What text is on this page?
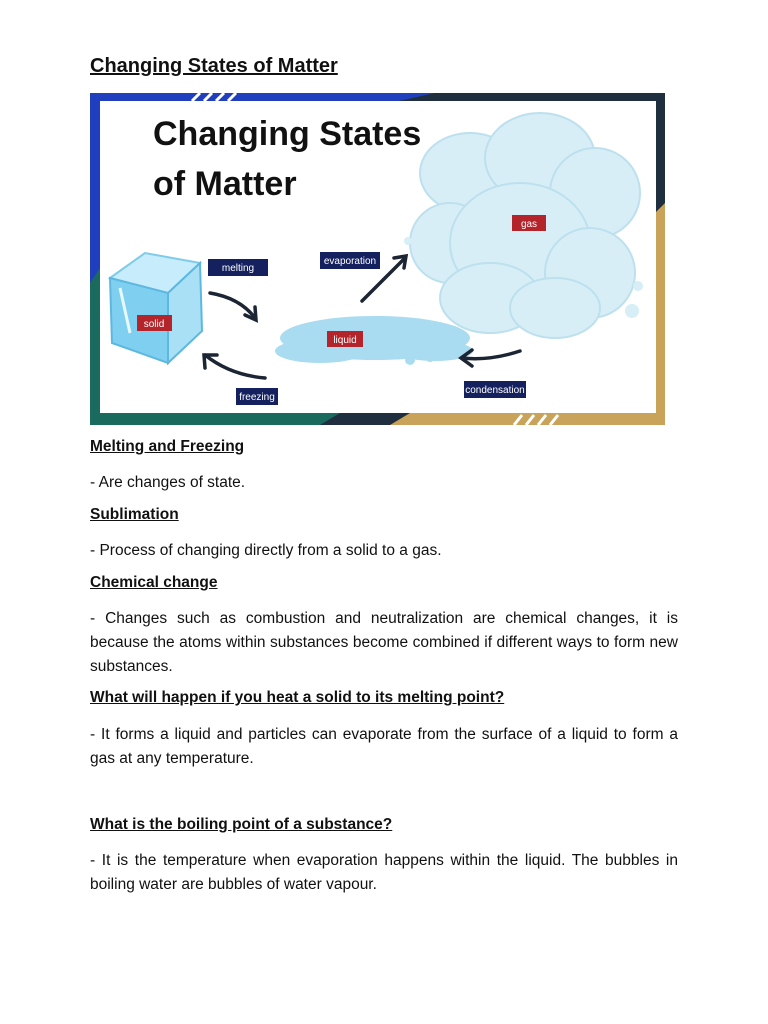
Changing States of Matter
Changing States
of Matter
gas
melting
evaporation
solid
liquid
freezing
condensation

Melting and Freezing

- Are changes of state.

Sublimation

- Process of changing directly from a solid to a gas.

Chemical change

- Changes such as combustion and neutralization are chemical changes, it is because the atoms within substances become combined if different ways to form new substances.

What will happen if you heat a solid to its melting point?

- It forms a liquid and particles can evaporate from the surface of a liquid to form a gas at any temperature.

What is the boiling point of a substance?

- It is the temperature when evaporation happens within the liquid. The bubbles in boiling water are bubbles of water vapour.
